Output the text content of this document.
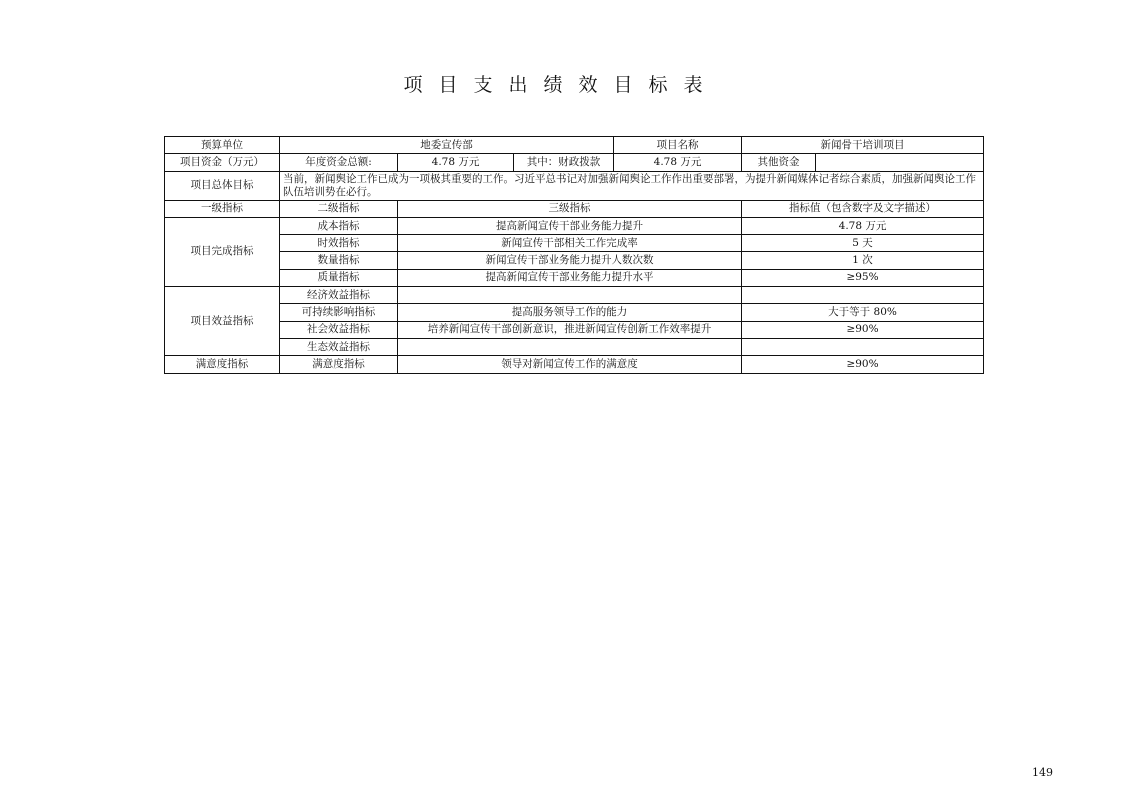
项目支出绩效目标表
预算单位	地委宣传部			项目名称	新闻骨干培训项目	
项目资金（万元）	年度资金总额:	4.78 万元	其中：财政拨款	4.78 万元	其他资金	
项目总体目标	当前，新闻舆论工作已成为一项极其重要的工作。习近平总书记对加强新闻舆论工作作出重要部署，为提升新闻媒体记者综合素质，加强新闻舆论工作队伍培训势在必行。					
一级指标	二级指标	三级指标			指标值（包含数字及文字描述）	
项目完成指标	成本指标	提高新闻宣传干部业务能力提升			4.78 万元	
	时效指标	新闻宣传干部相关工作完成率			5 天	
	数量指标	新闻宣传干部业务能力提升人数次数			1 次	
	质量指标	提高新闻宣传干部业务能力提升水平			≥95%	
项目效益指标	经济效益指标					
	可持续影响指标	提高服务领导工作的能力			大于等于 80%	
	社会效益指标	培养新闻宣传干部创新意识，推进新闻宣传创新工作效率提升			≥90%	
	生态效益指标					
满意度指标	满意度指标	领导对新闻宣传工作的满意度			≥90%	
149
